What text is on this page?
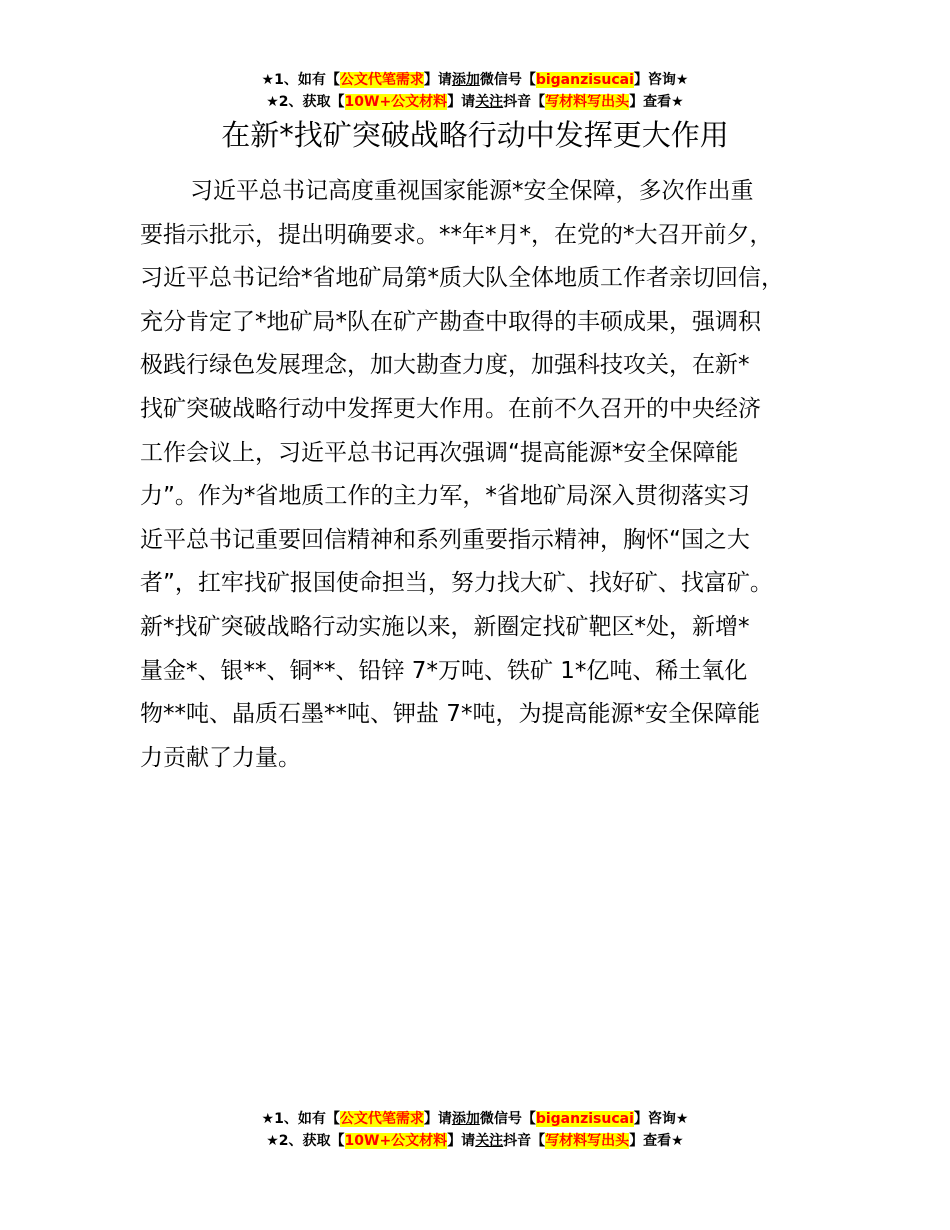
★1、如有【公文代笔需求】请添加微信号【biganzisucai】咨询★
★2、获取【10W+公文材料】请关注抖音【写材料写出头】查看★
在新*找矿突破战略行动中发挥更大作用
习近平总书记高度重视国家能源*安全保障，多次作出重
要指示批示，提出明确要求。**年*月*，在党的*大召开前夕，
习近平总书记给*省地矿局第*质大队全体地质工作者亲切回信，
充分肯定了*地矿局*队在矿产勘查中取得的丰硕成果，强调积
极践行绿色发展理念，加大勘查力度，加强科技攻关，在新*
找矿突破战略行动中发挥更大作用。在前不久召开的中央经济
工作会议上，习近平总书记再次强调“提高能源*安全保障能
力”。作为*省地质工作的主力军，*省地矿局深入贯彻落实习
近平总书记重要回信精神和系列重要指示精神，胸怀“国之大
者”，扛牢找矿报国使命担当，努力找大矿、找好矿、找富矿。
新*找矿突破战略行动实施以来，新圈定找矿靶区*处，新增*
量金*、银**、铜**、铅锌 7*万吨、铁矿 1*亿吨、稀土氧化
物**吨、晶质石墨**吨、钾盐 7*吨，为提高能源*安全保障能
力贡献了力量。
★1、如有【公文代笔需求】请添加微信号【biganzisucai】咨询★
★2、获取【10W+公文材料】请关注抖音【写材料写出头】查看★
